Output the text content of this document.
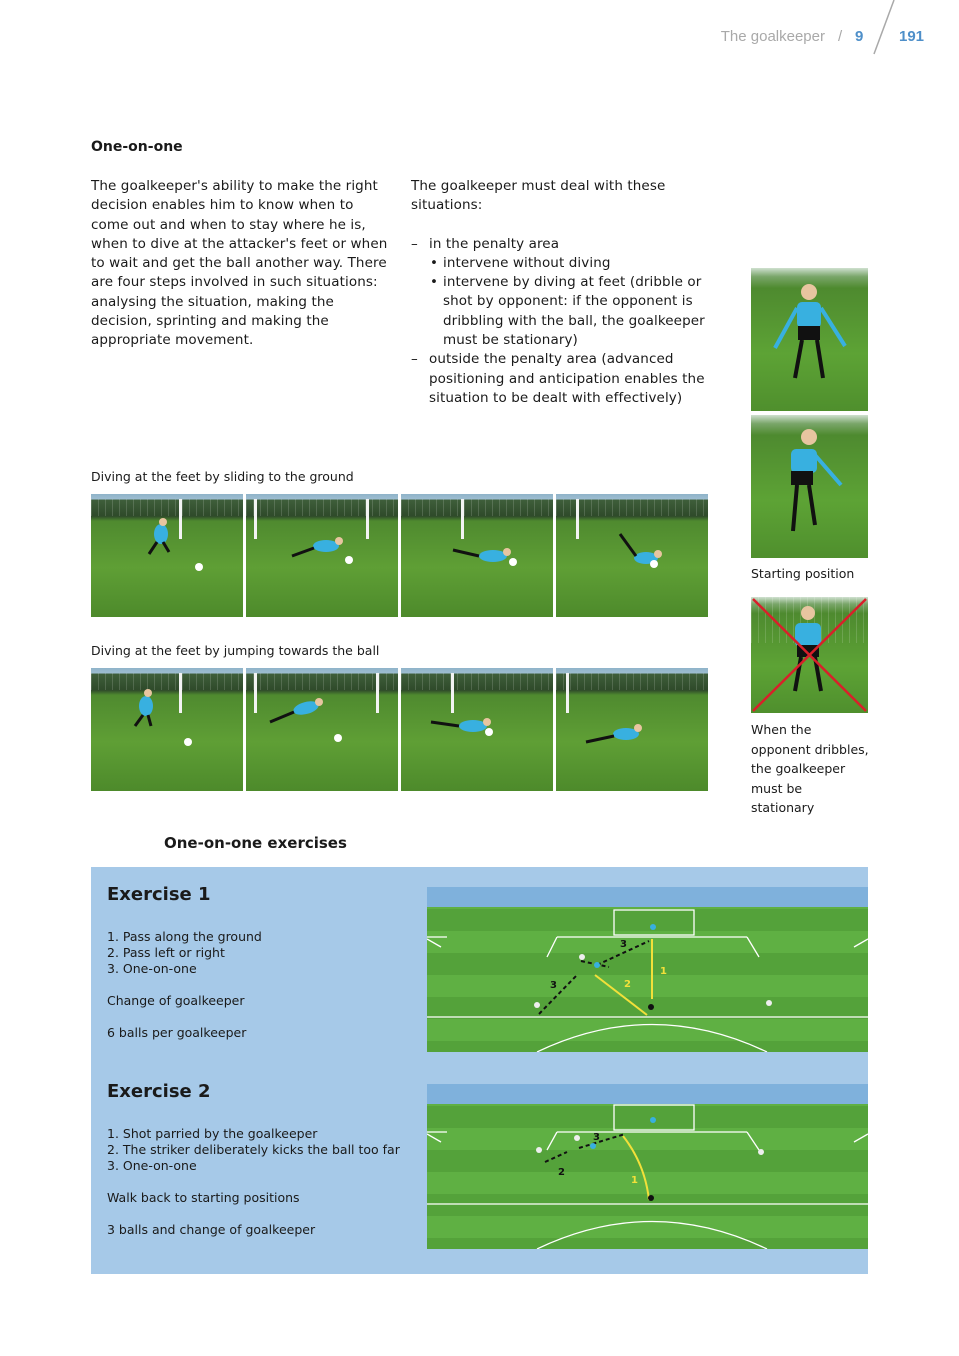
The goalkeeper / 9 191
One-on-one
The goalkeeper's ability to make the right decision enables him to know when to come out and when to stay where he is, when to dive at the attacker's feet or when to wait and get the ball another way. There are four steps involved in such situations: analysing the situation, making the decision, sprinting and making the appropriate movement.

The goalkeeper must deal with these situations:

– in the penalty area
• intervene without diving
• intervene by diving at feet (dribble or shot by opponent: if the opponent is dribbling with the ball, the goalkeeper must be stationary)
– outside the penalty area (advanced positioning and anticipation enables the situation to be dealt with effectively)
Diving at the feet by sliding to the ground
Diving at the feet by jumping towards the ball
Starting position
When the opponent dribbles, the goalkeeper must be stationary
One-on-one exercises
Exercise 1
1. Pass along the ground
2. Pass left or right
3. One-on-one
Change of goalkeeper
6 balls per goalkeeper
3
3
1
2
Exercise 2
1. Shot parried by the goalkeeper
2. The striker deliberately kicks the ball too far
3. One-on-one
Walk back to starting positions
3 balls and change of goalkeeper
2
3
1
